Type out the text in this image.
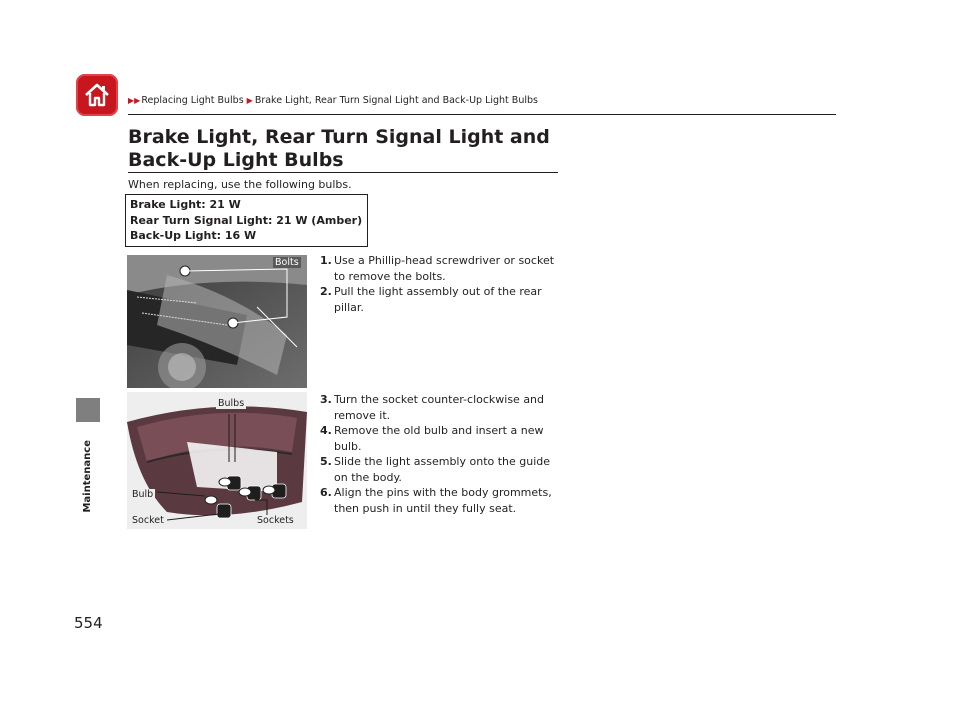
▶▶ Replacing Light Bulbs ▶ Brake Light, Rear Turn Signal Light and Back-Up Light Bulbs
Maintenance
554
Brake Light, Rear Turn Signal Light and Back-Up Light Bulbs
When replacing, use the following bulbs.
Brake Light: 21 W
Rear Turn Signal Light: 21 W (Amber)
Back-Up Light: 16 W
Bolts
Bulbs
Bulb
Socket	Sockets
1. Use a Phillip-head screwdriver or socket to remove the bolts.
2. Pull the light assembly out of the rear pillar.
3. Turn the socket counter-clockwise and remove it.
4. Remove the old bulb and insert a new bulb.
5. Slide the light assembly onto the guide on the body.
6. Align the pins with the body grommets, then push in until they fully seat.
